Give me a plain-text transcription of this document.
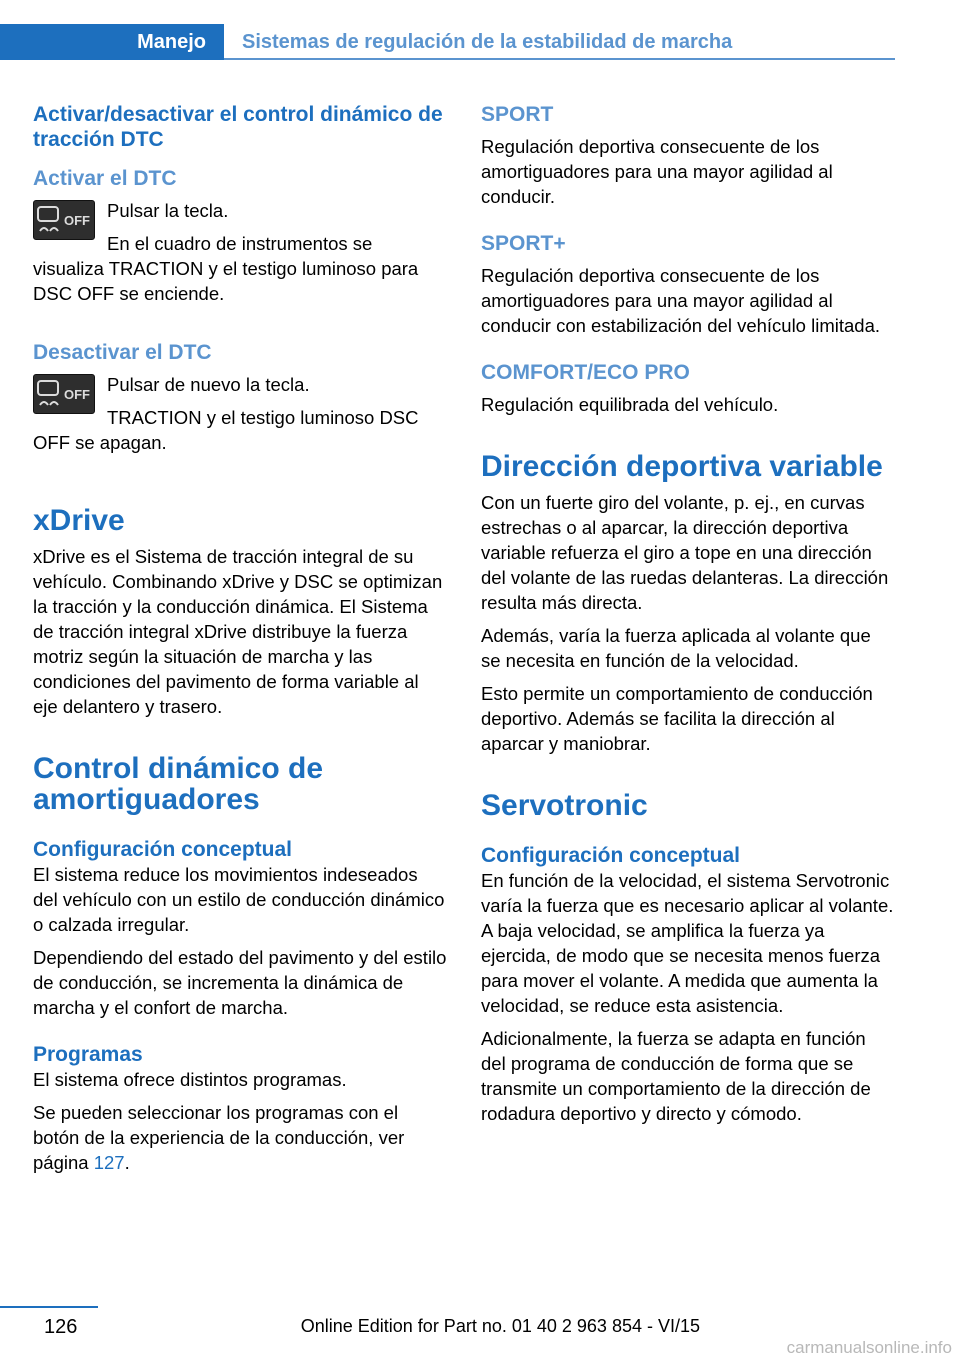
Manejo	Sistemas de regulación de la estabilidad de marcha
Activar/desactivar el control dinámico de tracción DTC
Activar el DTC
OFF Pulsar la tecla.

En el cuadro de instrumentos se visualiza TRACTION y el testigo luminoso para DSC OFF se enciende.

Desactivar el DTC
OFF Pulsar de nuevo la tecla.

TRACTION y el testigo luminoso DSC OFF se apagan.

xDrive

xDrive es el Sistema de tracción integral de su vehículo. Combinando xDrive y DSC se optimizan la tracción y la conducción dinámica. El Sistema de tracción integral xDrive distribuye la fuerza motriz según la situación de marcha y las condiciones del pavimento de forma variable al eje delantero y trasero.

Control dinámico de amortiguadores
Configuración conceptual

El sistema reduce los movimientos indeseados del vehículo con un estilo de conducción dinámico o calzada irregular.

Dependiendo del estado del pavimento y del estilo de conducción, se incrementa la dinámica de marcha y el confort de marcha.

Programas

El sistema ofrece distintos programas.

Se pueden seleccionar los programas con el botón de la experiencia de la conducción, ver página 127.

SPORT

Regulación deportiva consecuente de los amortiguadores para una mayor agilidad al conducir.

SPORT+

Regulación deportiva consecuente de los amortiguadores para una mayor agilidad al conducir con estabilización del vehículo limitada.

COMFORT/ECO PRO

Regulación equilibrada del vehículo.

Dirección deportiva variable

Con un fuerte giro del volante, p. ej., en curvas estrechas o al aparcar, la dirección deportiva variable refuerza el giro a tope en una dirección del volante de las ruedas delanteras. La dirección resulta más directa.

Además, varía la fuerza aplicada al volante que se necesita en función de la velocidad.

Esto permite un comportamiento de conducción deportivo. Además se facilita la dirección al aparcar y maniobrar.

Servotronic
Configuración conceptual

En función de la velocidad, el sistema Servotronic varía la fuerza que es necesario aplicar al volante. A baja velocidad, se amplifica la fuerza ya ejercida, de modo que se necesita menos fuerza para mover el volante. A medida que aumenta la velocidad, se reduce esta asistencia.

Adicionalmente, la fuerza se adapta en función del programa de conducción de forma que se transmite un comportamiento de la dirección de rodadura deportivo y directo y cómodo.

126	Online Edition for Part no. 01 40 2 963 854 - VI/15
carmanualsonline.info
